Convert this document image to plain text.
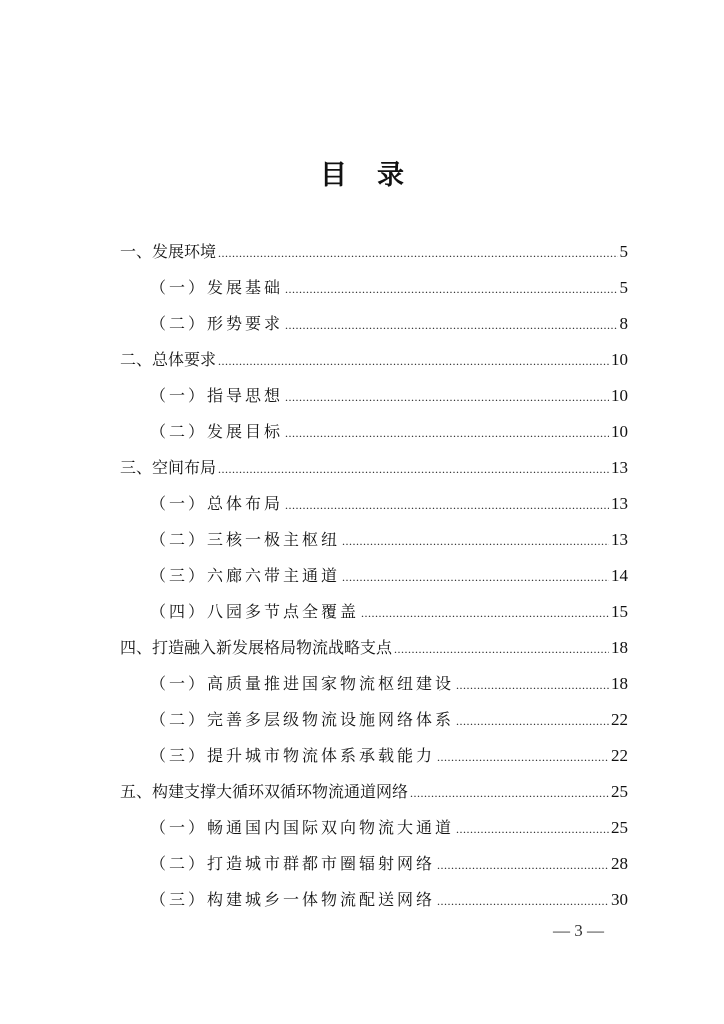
目录
一、发展环境 .....	5
（一）发展基础 .....	5
（二）形势要求 .....	8
二、总体要求 .....	10
（一）指导思想 .....	10
（二）发展目标 .....	10
三、空间布局 .....	13
（一）总体布局 .....	13
（二）三核一极主枢纽 .....	13
（三）六廊六带主通道 .....	14
（四）八园多节点全覆盖 .....	15
四、打造融入新发展格局物流战略支点 .....	18
（一）高质量推进国家物流枢纽建设 .....	18
（二）完善多层级物流设施网络体系 .....	22
（三）提升城市物流体系承载能力 .....	22
五、构建支撑大循环双循环物流通道网络 .....	25
（一）畅通国内国际双向物流大通道 .....	25
（二）打造城市群都市圈辐射网络 .....	28
（三）构建城乡一体物流配送网络 .....	30
— 3 —
